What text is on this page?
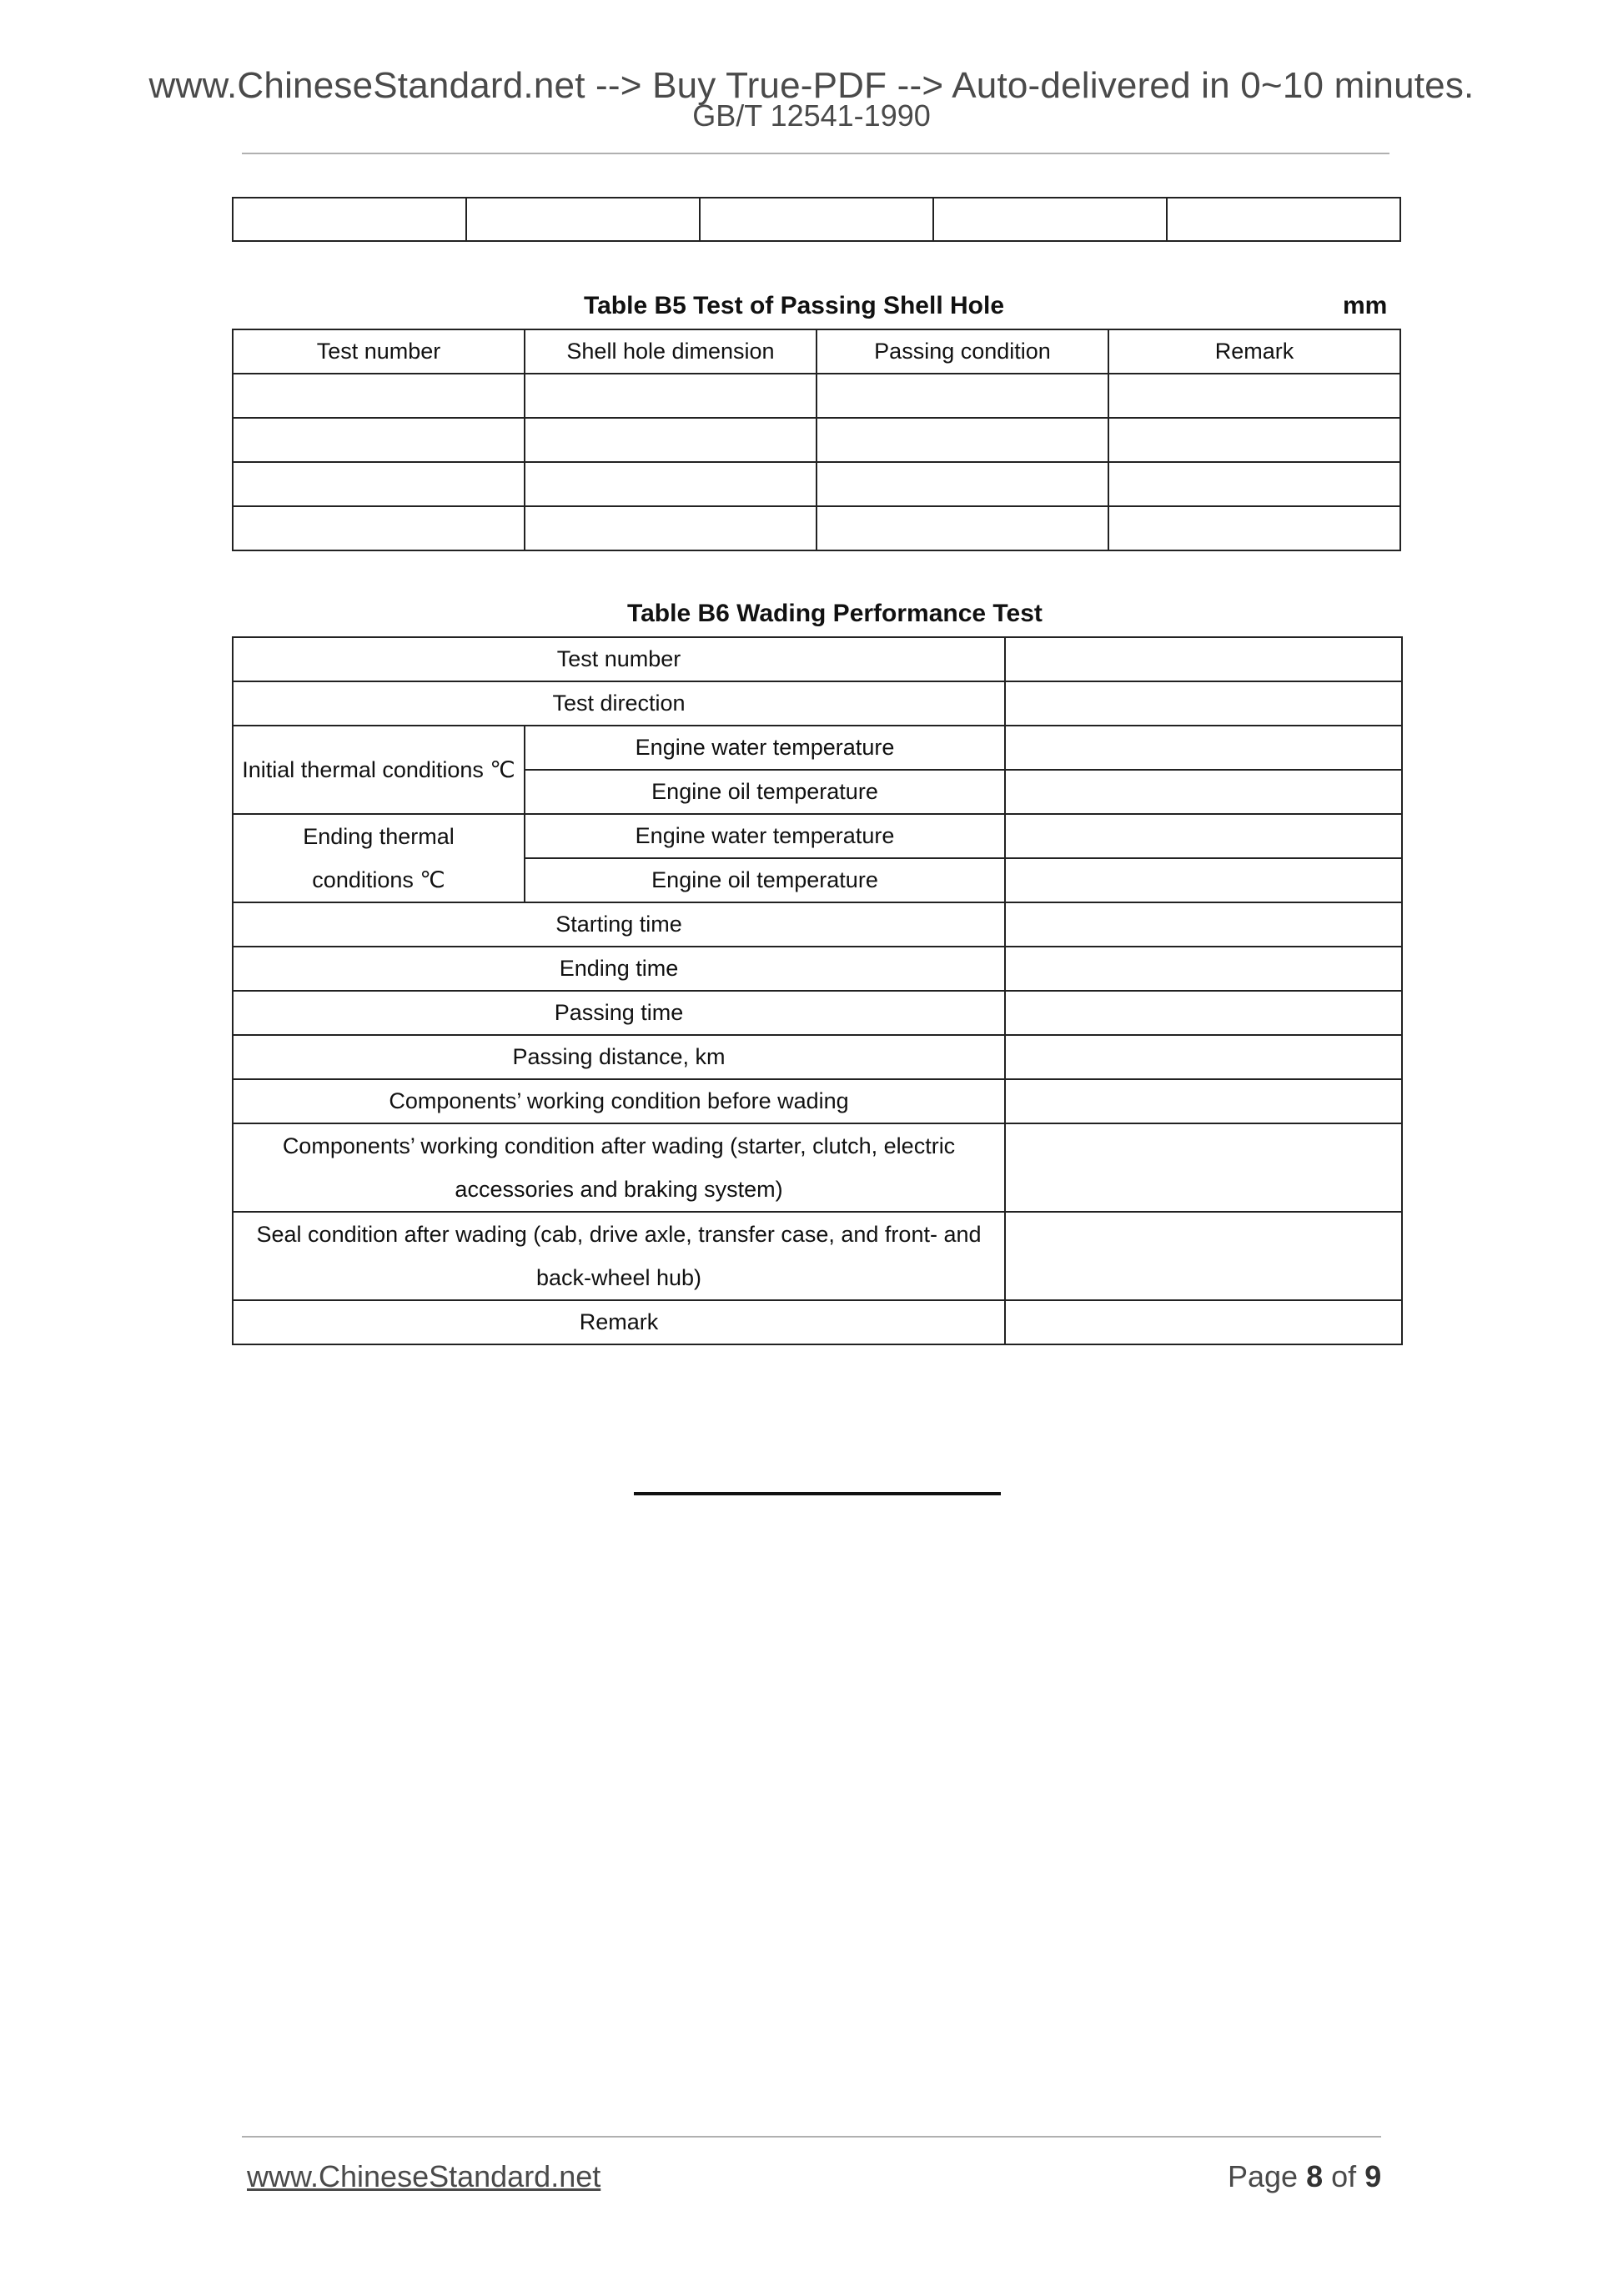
www.ChineseStandard.net --> Buy True-PDF --> Auto-delivered in 0~10 minutes.
GB/T 12541-1990

Table B5 Test of Passing Shell Hole	mm
Test number	Shell hole dimension	Passing condition	Remark

Table B6 Wading Performance Test
Test number		
Test direction		
Initial thermal conditions ℃	Engine water temperature	
	Engine oil temperature	
Ending thermal
conditions ℃	Engine water temperature	
	Engine oil temperature	
Starting time		
Ending time		
Passing time		
Passing distance, km		
Components’ working condition before wading		
Components’ working condition after wading (starter, clutch, electric
accessories and braking system)		
Seal condition after wading (cab, drive axle, transfer case, and front- and
back-wheel hub)		
Remark		
www.ChineseStandard.net	Page 8 of 9
